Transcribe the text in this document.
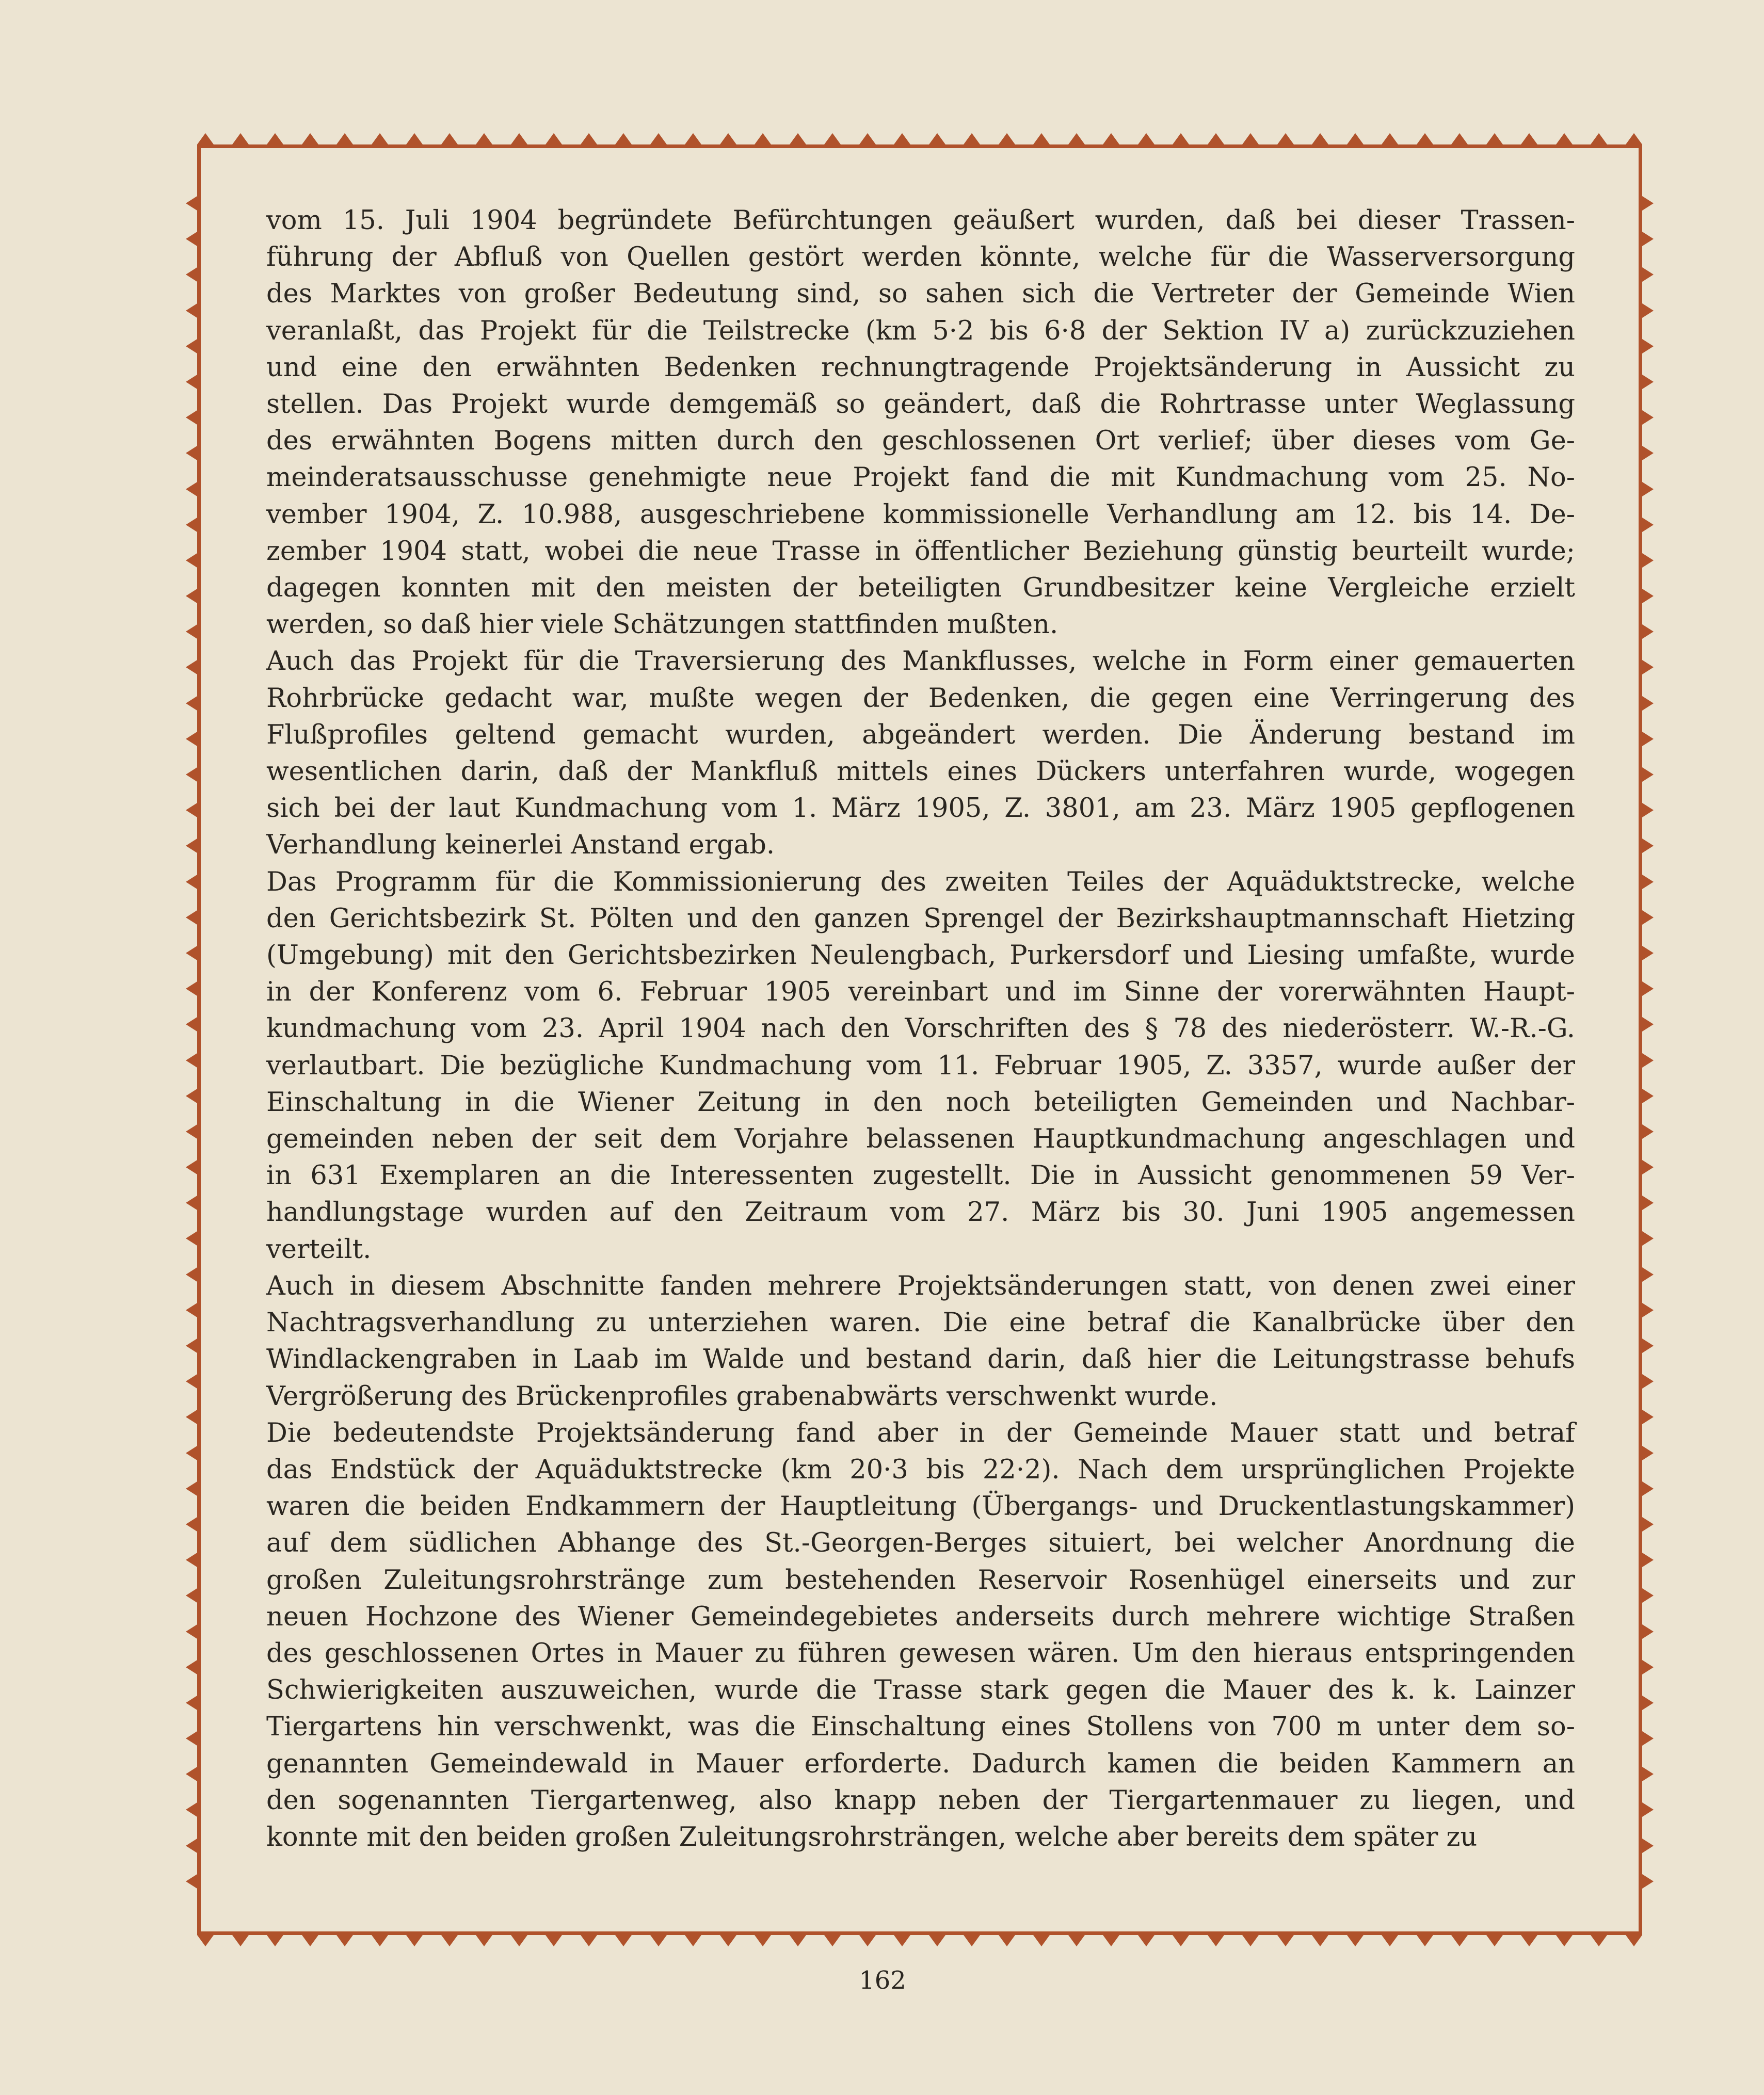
vom 15. Juli 1904 begründete Befürchtungen geäußert wurden, daß bei dieser Trassen-
führung der Abfluß von Quellen gestört werden könnte, welche für die Wasserversorgung
des Marktes von großer Bedeutung sind, so sahen sich die Vertreter der Gemeinde Wien
veranlaßt, das Projekt für die Teilstrecke (km 5·2 bis 6·8 der Sektion IV a) zurückzuziehen
und eine den erwähnten Bedenken rechnungtragende Projektsänderung in Aussicht zu
stellen. Das Projekt wurde demgemäß so geändert, daß die Rohrtrasse unter Weglassung
des erwähnten Bogens mitten durch den geschlossenen Ort verlief; über dieses vom Ge-
meinderatsausschusse genehmigte neue Projekt fand die mit Kundmachung vom 25. No-
vember 1904, Z. 10.988, ausgeschriebene kommissionelle Verhandlung am 12. bis 14. De-
zember 1904 statt, wobei die neue Trasse in öffentlicher Beziehung günstig beurteilt wurde;
dagegen konnten mit den meisten der beteiligten Grundbesitzer keine Vergleiche erzielt
werden, so daß hier viele Schätzungen stattfinden mußten.
Auch das Projekt für die Traversierung des Mankflusses, welche in Form einer gemauerten
Rohrbrücke gedacht war, mußte wegen der Bedenken, die gegen eine Verringerung des
Flußprofiles geltend gemacht wurden, abgeändert werden. Die Änderung bestand im
wesentlichen darin, daß der Mankfluß mittels eines Dückers unterfahren wurde, wogegen
sich bei der laut Kundmachung vom 1. März 1905, Z. 3801, am 23. März 1905 gepflogenen
Verhandlung keinerlei Anstand ergab.
Das Programm für die Kommissionierung des zweiten Teiles der Aquäduktstrecke, welche
den Gerichtsbezirk St. Pölten und den ganzen Sprengel der Bezirkshauptmannschaft Hietzing
(Umgebung) mit den Gerichtsbezirken Neulengbach, Purkersdorf und Liesing umfaßte, wurde
in der Konferenz vom 6. Februar 1905 vereinbart und im Sinne der vorerwähnten Haupt-
kundmachung vom 23. April 1904 nach den Vorschriften des § 78 des niederösterr. W.-R.-G.
verlautbart. Die bezügliche Kundmachung vom 11. Februar 1905, Z. 3357, wurde außer der
Einschaltung in die Wiener Zeitung in den noch beteiligten Gemeinden und Nachbar-
gemeinden neben der seit dem Vorjahre belassenen Hauptkundmachung angeschlagen und
in 631 Exemplaren an die Interessenten zugestellt. Die in Aussicht genommenen 59 Ver-
handlungstage wurden auf den Zeitraum vom 27. März bis 30. Juni 1905 angemessen
verteilt.
Auch in diesem Abschnitte fanden mehrere Projektsänderungen statt, von denen zwei einer
Nachtragsverhandlung zu unterziehen waren. Die eine betraf die Kanalbrücke über den
Windlackengraben in Laab im Walde und bestand darin, daß hier die Leitungstrasse behufs
Vergrößerung des Brückenprofiles grabenabwärts verschwenkt wurde.
Die bedeutendste Projektsänderung fand aber in der Gemeinde Mauer statt und betraf
das Endstück der Aquäduktstrecke (km 20·3 bis 22·2). Nach dem ursprünglichen Projekte
waren die beiden Endkammern der Hauptleitung (Übergangs- und Druckentlastungskammer)
auf dem südlichen Abhange des St.-Georgen-Berges situiert, bei welcher Anordnung die
großen Zuleitungsrohrstränge zum bestehenden Reservoir Rosenhügel einerseits und zur
neuen Hochzone des Wiener Gemeindegebietes anderseits durch mehrere wichtige Straßen
des geschlossenen Ortes in Mauer zu führen gewesen wären. Um den hieraus entspringenden
Schwierigkeiten auszuweichen, wurde die Trasse stark gegen die Mauer des k. k. Lainzer
Tiergartens hin verschwenkt, was die Einschaltung eines Stollens von 700 m unter dem so-
genannten Gemeindewald in Mauer erforderte. Dadurch kamen die beiden Kammern an
den sogenannten Tiergartenweg, also knapp neben der Tiergartenmauer zu liegen, und
konnte mit den beiden großen Zuleitungsrohrsträngen, welche aber bereits dem später zu
162
